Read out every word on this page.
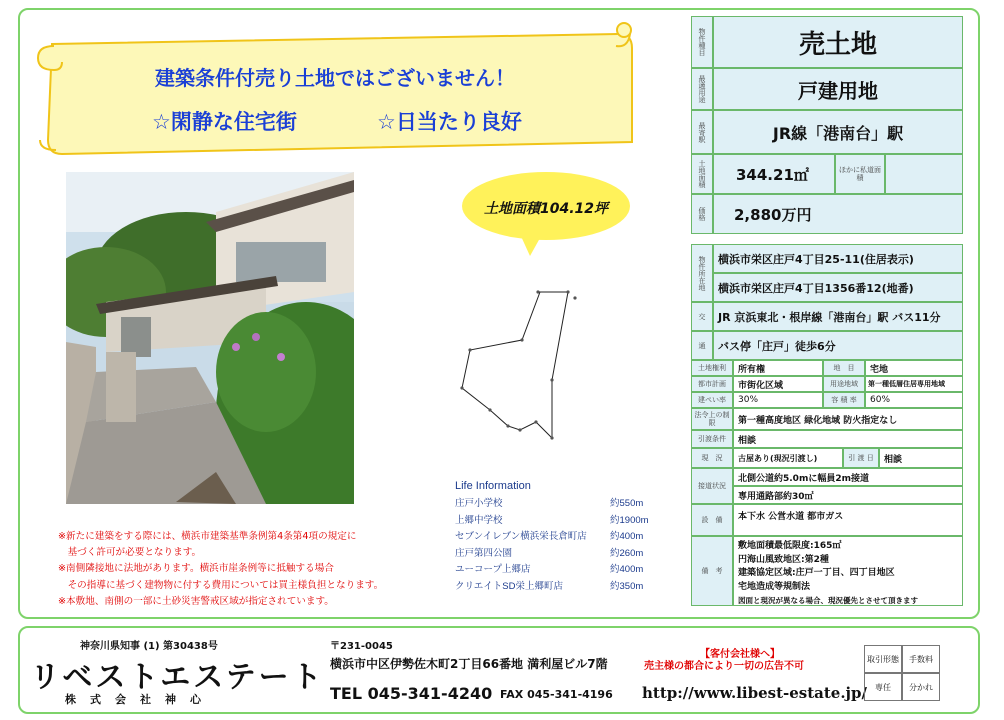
建築条件付売り土地ではございません！
☆閑静な住宅街	☆日当たり良好
土地面積104.12坪
Life Information
庄戸小学校	約550m
上郷中学校	約1900m
セブンイレブン横浜栄長倉町店 約400m
庄戸第四公園	約260m
ユーコープ上郷店	約400m
クリエイトSD栄上郷町店	約350m
※新たに建築をする際には、横浜市建築基準条例第4条第4項の規定に
　基づく許可が必要となります。
※南側隣接地に法地があります。横浜市崖条例等に抵触する場合
　その指導に基づく建物物に付する費用については買主様負担となります。
※本敷地、南側の一部に土砂災害警戒区域が指定されています。
物件種目	売土地
最適用途	戸建用地
最寄駅	JR線「港南台」駅
土地面積	344.21㎡	ほかに私道面積
価格	2,880万円
物件所在地	横浜市栄区庄戸4丁目25-11(住居表示)
横浜市栄区庄戸4丁目1356番12(地番)
交	JR 京浜東北・根岸線「港南台」駅 バス11分
通	バス停「庄戸」徒歩6分
土地権利	所有権	地　目	宅地
都市計画	市街化区域	用途地域	第一種低層住居専用地域
建ぺい率	30%	容 積 率	60%
法令上の制限	第一種高度地区 緑化地域 防火指定なし
引渡条件	相談
現　況	古屋あり(現況引渡し)	引 渡 日	相談
接道状況
北側公道約5.0mに幅員2m接道
専用通路部約30㎡
設　備	本下水 公営水道 都市ガス
備　考
敷地面積最低限度:165㎡
円海山風致地区:第2種
建築協定区域:庄戸一丁目、四丁目地区
宅地造成等規制法
図面と現況が異なる場合、現況優先とさせて頂きます
神奈川県知事 (1) 第30438号
リベストエステート
株式会社神心
〒231-0045
横浜市中区伊勢佐木町2丁目66番地 満利屋ビル7階
TEL 045-341-4240 FAX 045-341-4196 http://www.libest-estate.jp/
【客付会社様へ】
売主様の都合により一切の広告不可
取引形態	手数料
専任	分かれ
